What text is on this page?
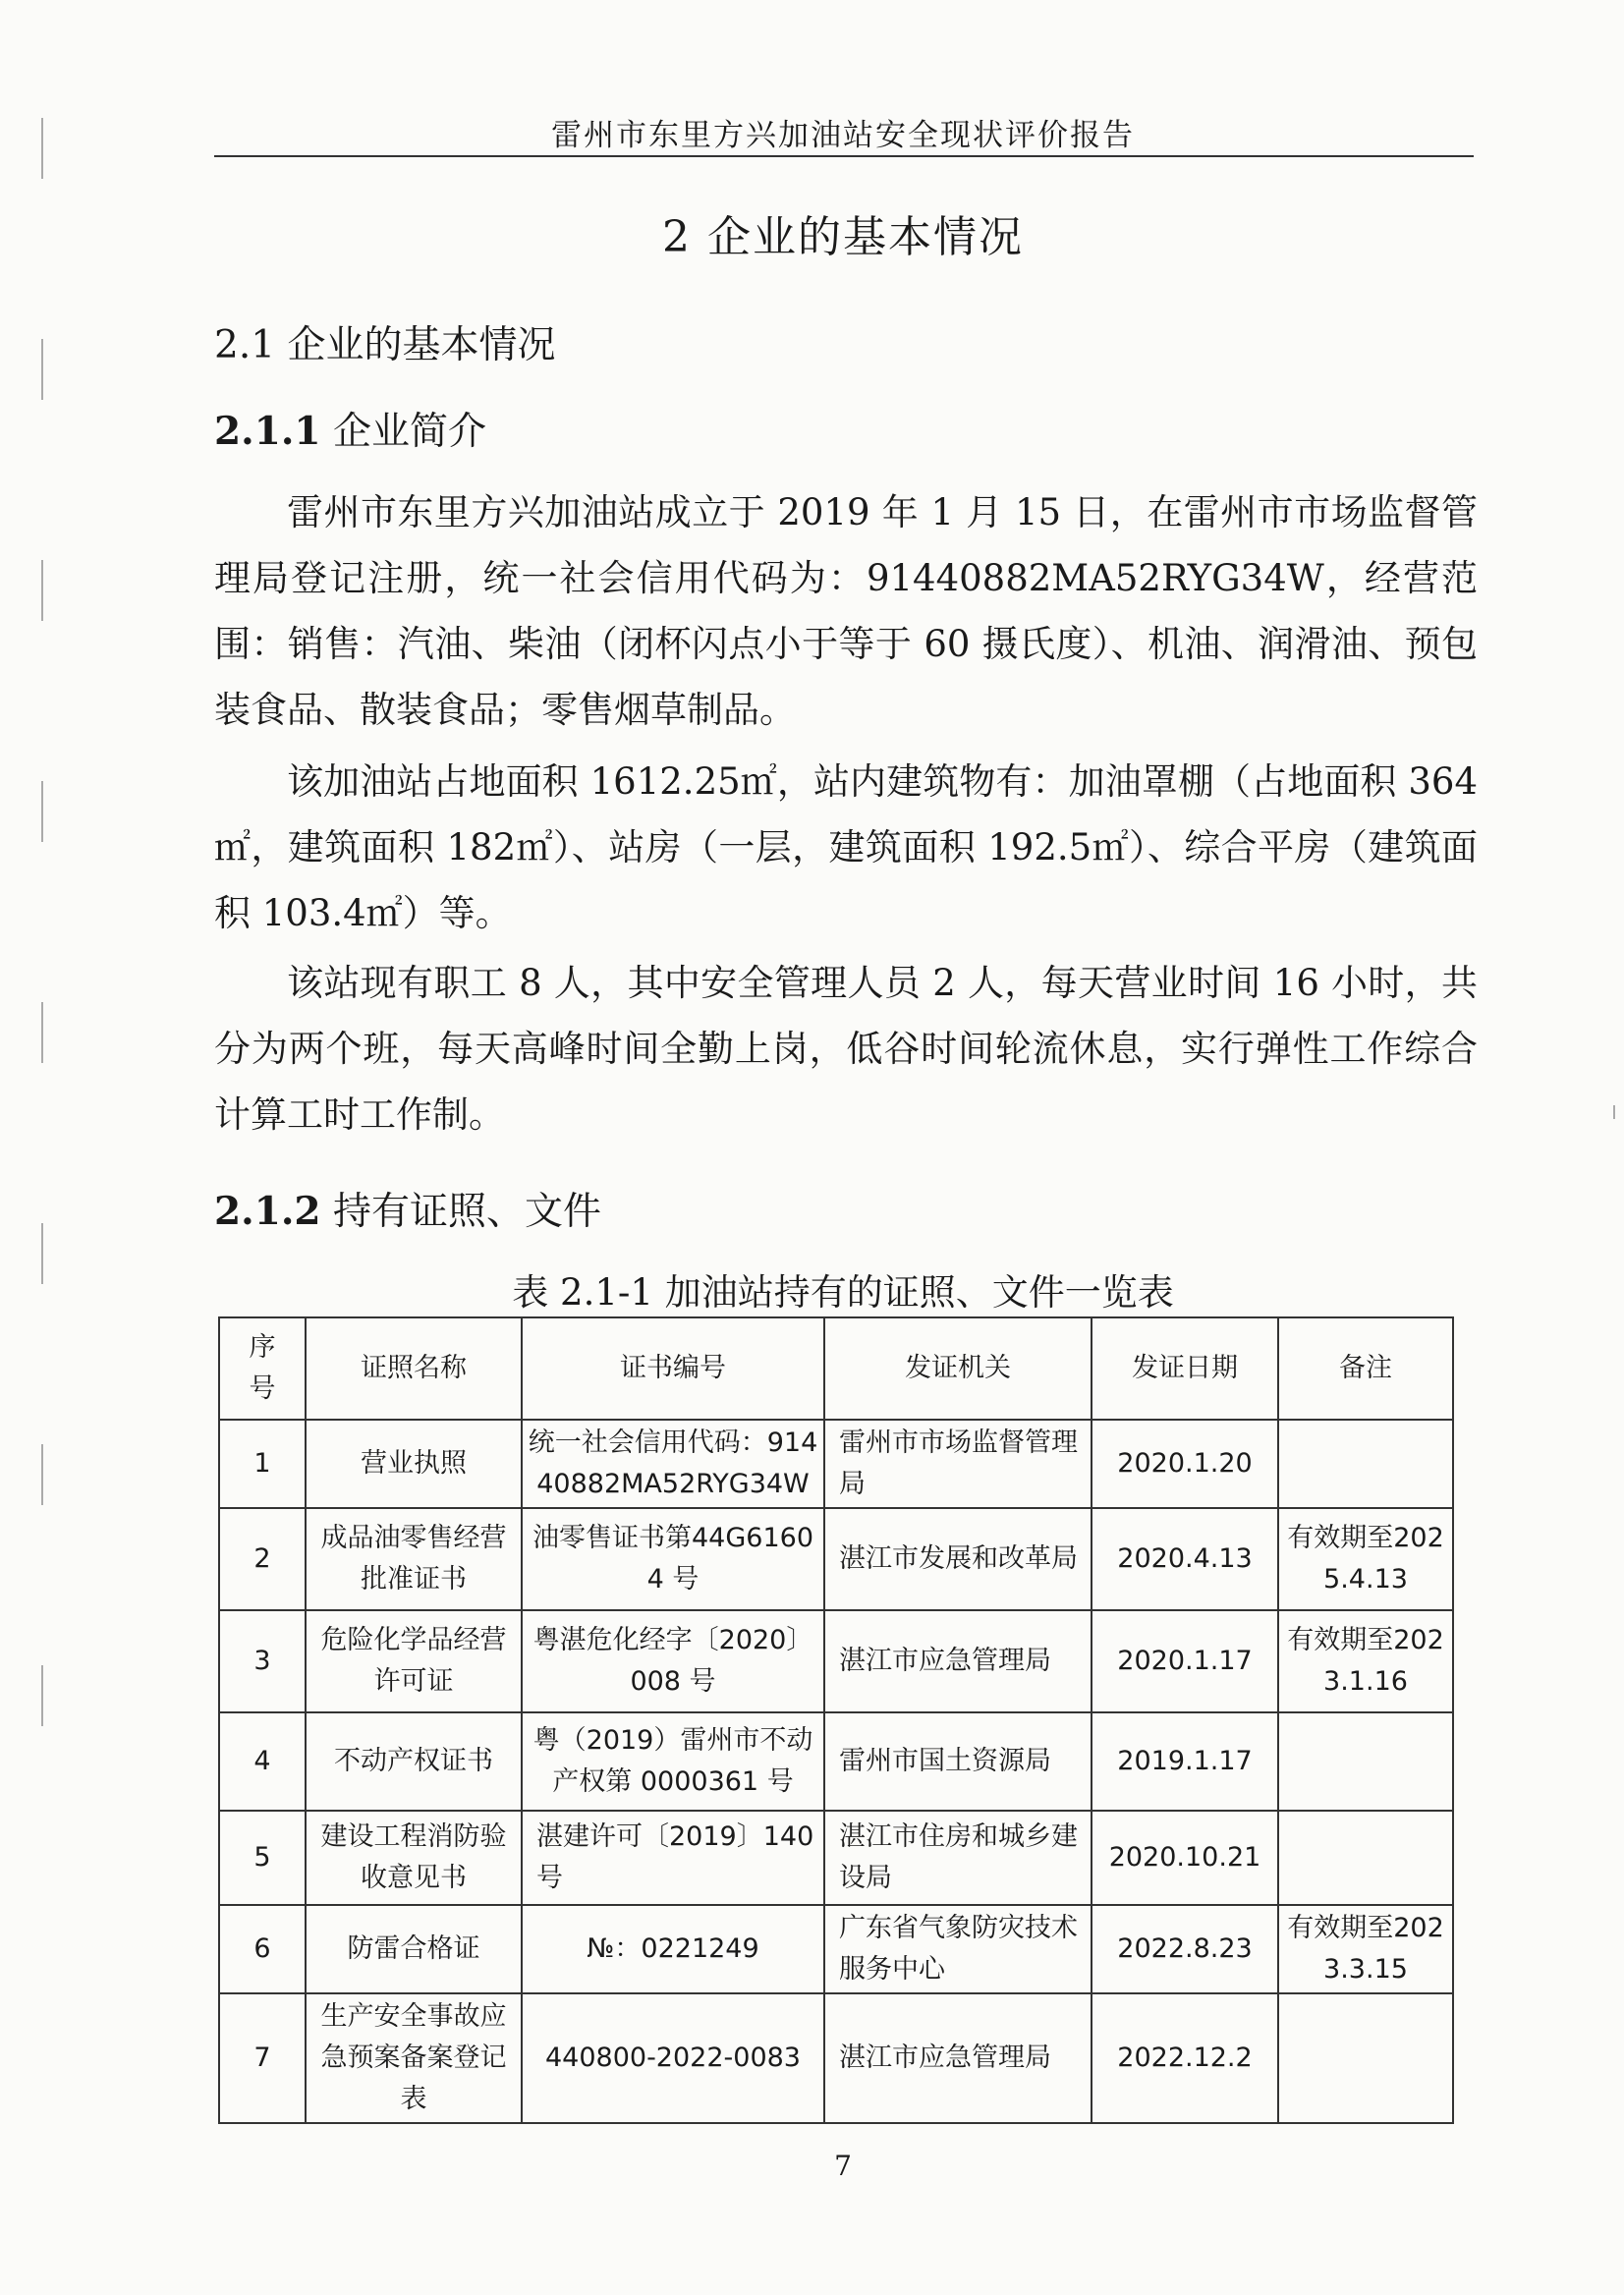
雷州市东里方兴加油站安全现状评价报告
2 企业的基本情况
2.1 企业的基本情况
2.1.1 企业简介

雷州市东里方兴加油站成立于 2019 年 1 月 15 日，在雷州市市场监督管理局登记注册，统一社会信用代码为：91440882MA52RYG34W，经营范围：销售：汽油、柴油（闭杯闪点小于等于 60 摄氏度）、机油、润滑油、预包装食品、散装食品；零售烟草制品。

该加油站占地面积 1612.25㎡，站内建筑物有：加油罩棚（占地面积 364㎡，建筑面积 182㎡）、站房（一层，建筑面积 192.5㎡）、综合平房（建筑面积 103.4㎡）等。

该站现有职工 8 人，其中安全管理人员 2 人，每天营业时间 16 小时，共分为两个班，每天高峰时间全勤上岗，低谷时间轮流休息，实行弹性工作综合计算工时工作制。

2.1.2 持有证照、文件
表 2.1-1 加油站持有的证照、文件一览表
序号	证照名称	证书编号	发证机关	发证日期	备注
1	营业执照	统一社会信用代码：91440882MA52RYG34W	雷州市市场监督管理局	2020.1.20	
2	成品油零售经营批准证书	油零售证书第44G61604 号	湛江市发展和改革局	2020.4.13	有效期至2025.4.13
3	危险化学品经营许可证	粤湛危化经字〔2020〕008 号	湛江市应急管理局	2020.1.17	有效期至2023.1.16
4	不动产权证书	粤（2019）雷州市不动产权第 0000361 号	雷州市国土资源局	2019.1.17	
5	建设工程消防验收意见书	湛建许可〔2019〕140 号	湛江市住房和城乡建设局	2020.10.21	
6	防雷合格证	№：0221249	广东省气象防灾技术服务中心	2022.8.23	有效期至2023.3.15
7	生产安全事故应急预案备案登记表	440800-2022-0083	湛江市应急管理局	2022.12.2	
7
